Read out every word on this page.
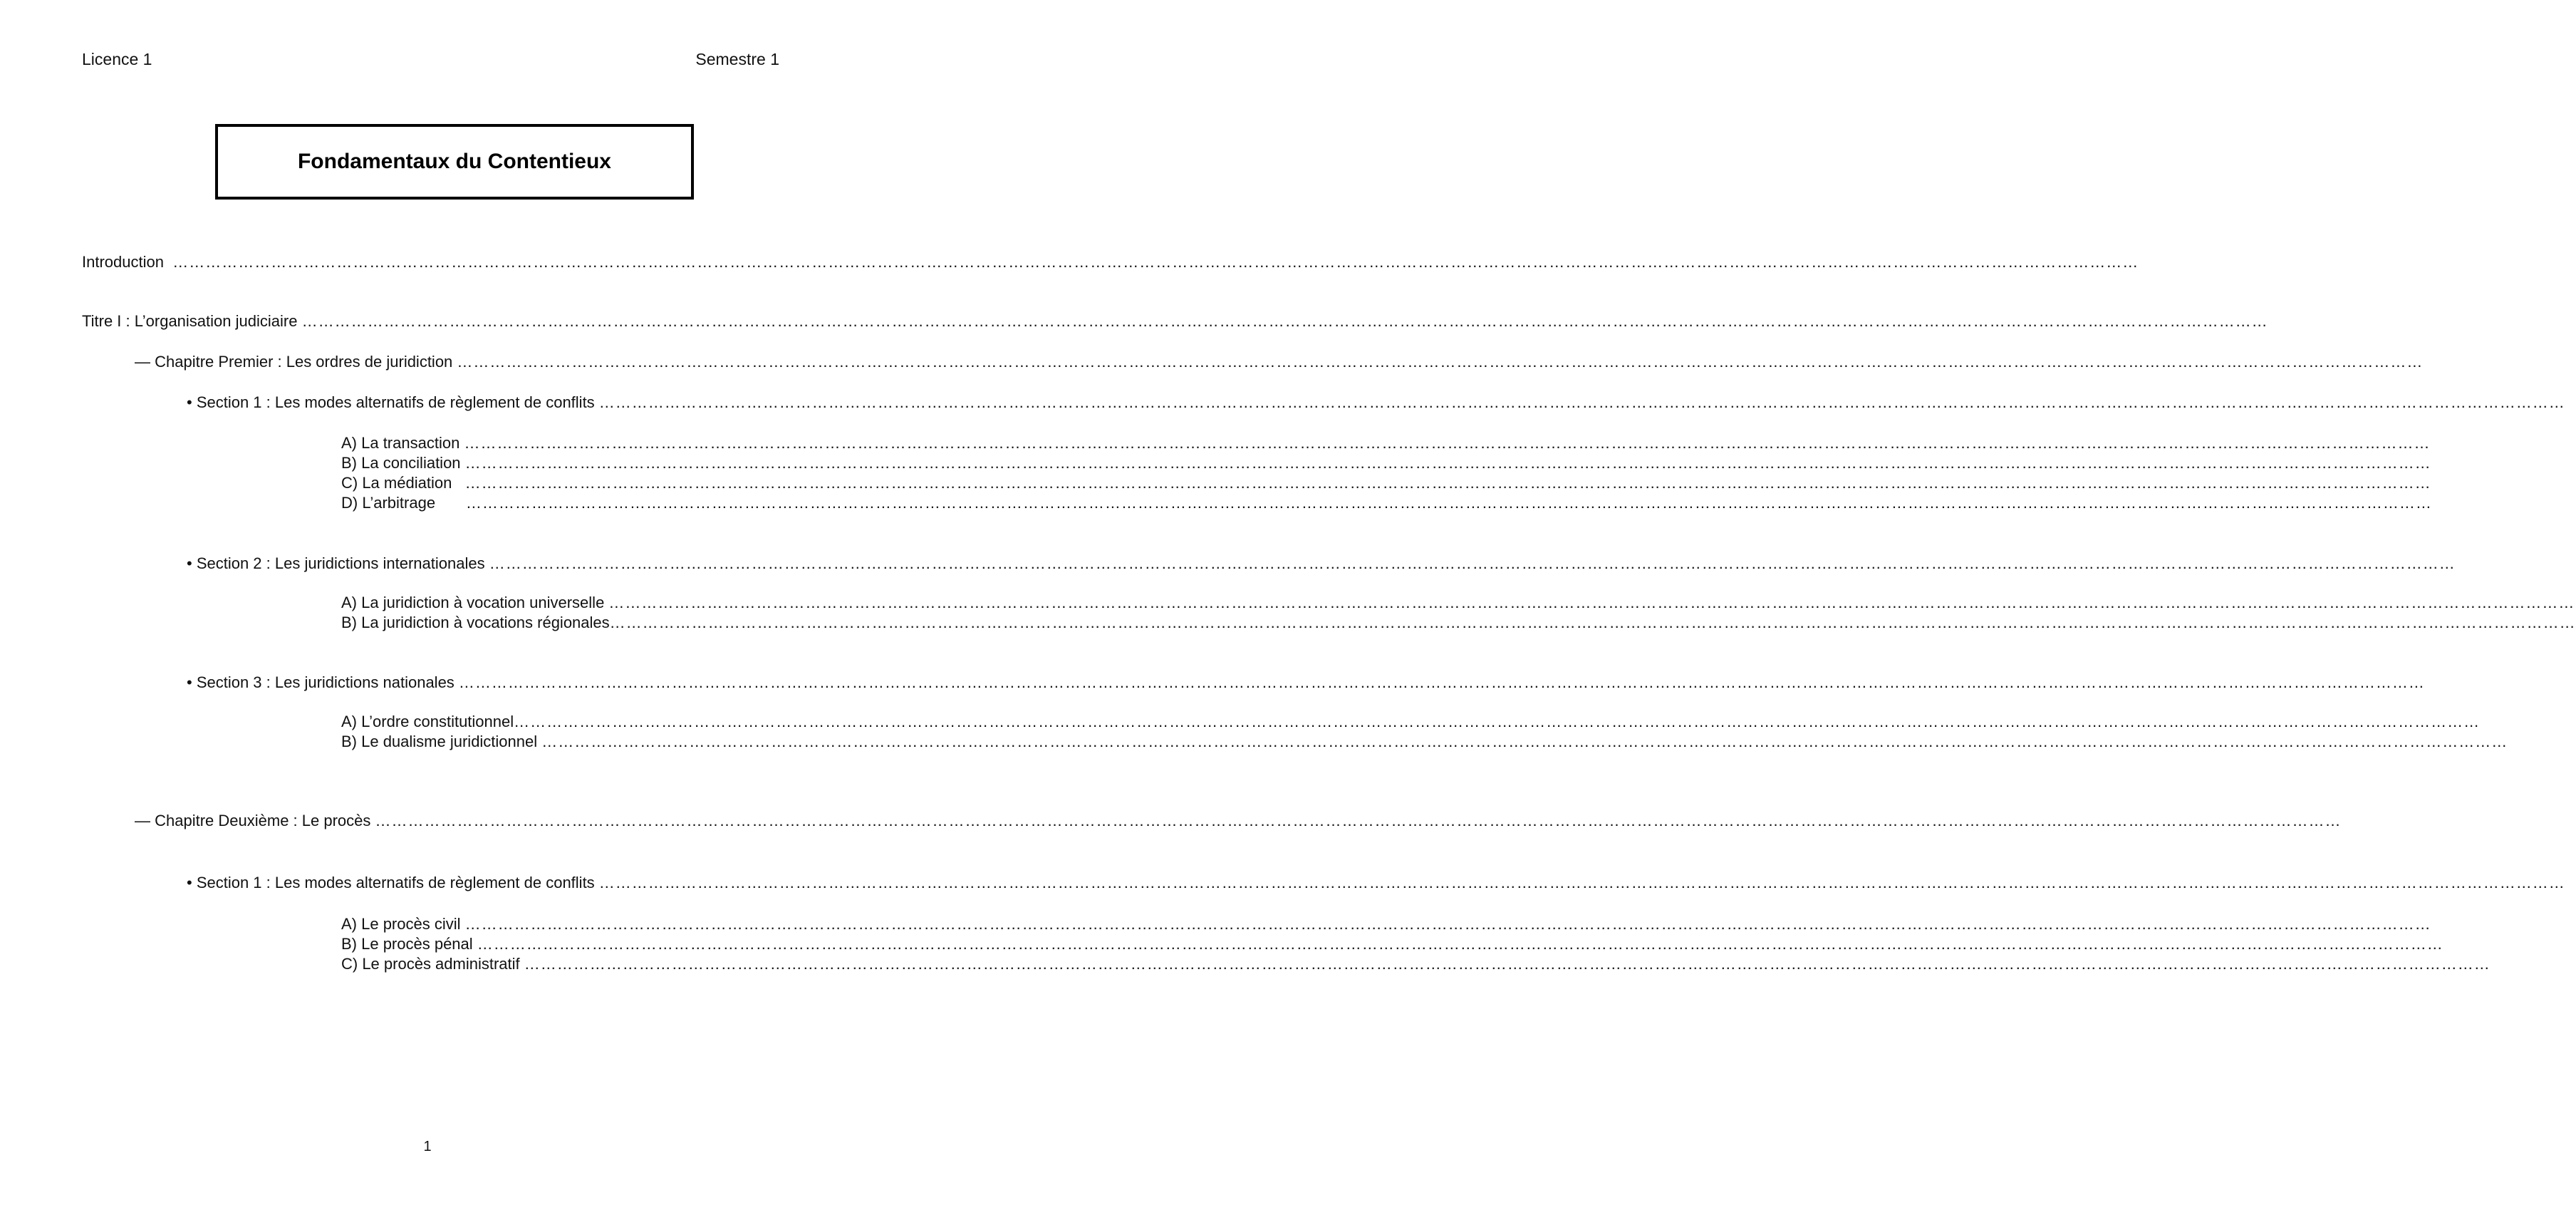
Licence 1	Semestre 1
Fondamentaux du Contentieux
Introduction  ………………………………………………………………………………………………………………………………………………………………………………………………………………………………………………………………………………………………………………………………
Titre I : L’organisation judiciaire ………………………………………………………………………………………………………………………………………………………………………………………………………………………………………………………………………………………………………………………………
— Chapitre Premier : Les ordres de juridiction ………………………………………………………………………………………………………………………………………………………………………………………………………………………………………………………………………………………………………………………………
• Section 1 : Les modes alternatifs de règlement de conflits ………………………………………………………………………………………………………………………………………………………………………………………………………………………………………………………………………………………………………………………………
A) La transaction ………………………………………………………………………………………………………………………………………………………………………………………………………………………………………………………………………………………………………………………………
B) La conciliation ………………………………………………………………………………………………………………………………………………………………………………………………………………………………………………………………………………………………………………………………
C) La médiation   ………………………………………………………………………………………………………………………………………………………………………………………………………………………………………………………………………………………………………………………………
D) L’arbitrage       ………………………………………………………………………………………………………………………………………………………………………………………………………………………………………………………………………………………………………………………………
• Section 2 : Les juridictions internationales ………………………………………………………………………………………………………………………………………………………………………………………………………………………………………………………………………………………………………………………………
A) La juridiction à vocation universelle ………………………………………………………………………………………………………………………………………………………………………………………………………………………………………………………………………………………………………………………………
B) La juridiction à vocations régionales………………………………………………………………………………………………………………………………………………………………………………………………………………………………………………………………………………………………………………………………
• Section 3 : Les juridictions nationales ………………………………………………………………………………………………………………………………………………………………………………………………………………………………………………………………………………………………………………………………
A) L’ordre constitutionnel………………………………………………………………………………………………………………………………………………………………………………………………………………………………………………………………………………………………………………………………
B) Le dualisme juridictionnel ………………………………………………………………………………………………………………………………………………………………………………………………………………………………………………………………………………………………………………………………
— Chapitre Deuxième : Le procès ………………………………………………………………………………………………………………………………………………………………………………………………………………………………………………………………………………………………………………………………
• Section 1 : Les modes alternatifs de règlement de conflits ………………………………………………………………………………………………………………………………………………………………………………………………………………………………………………………………………………………………………………………………
A) Le procès civil ………………………………………………………………………………………………………………………………………………………………………………………………………………………………………………………………………………………………………………………………
B) Le procès pénal ………………………………………………………………………………………………………………………………………………………………………………………………………………………………………………………………………………………………………………………………
C) Le procès administratif ………………………………………………………………………………………………………………………………………………………………………………………………………………………………………………………………………………………………………………………………
1
